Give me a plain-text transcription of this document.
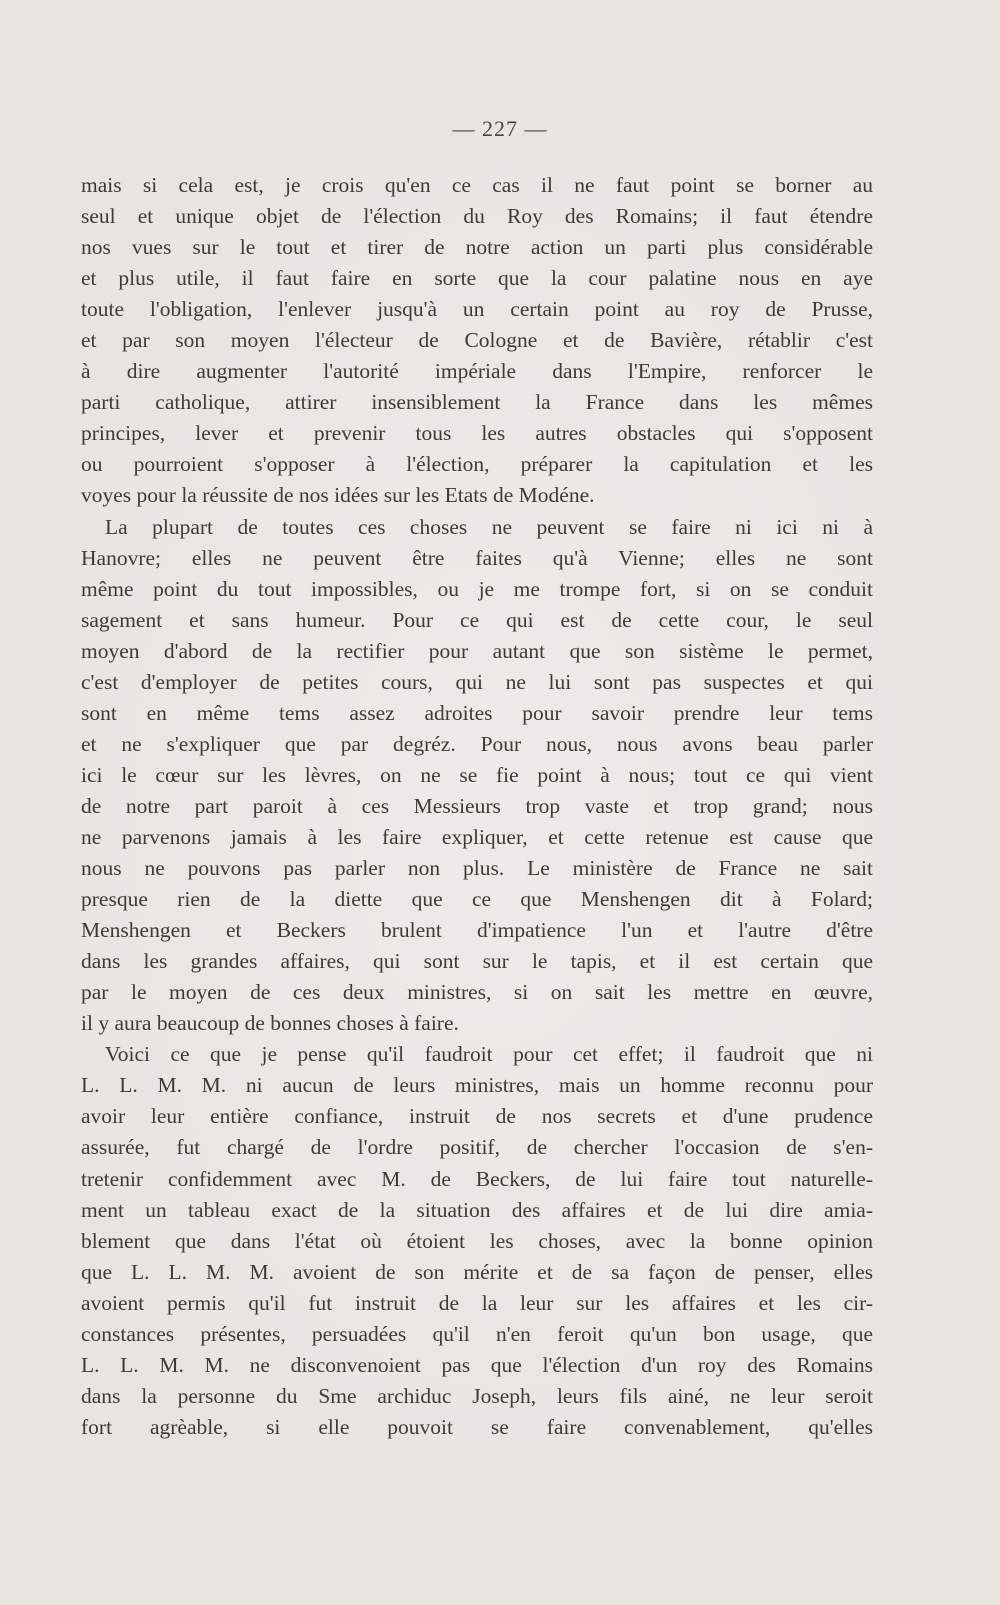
— 227 —
mais si cela est, je crois qu'en ce cas il ne faut point se borner au
seul et unique objet de l'élection du Roy des Romains; il faut étendre
nos vues sur le tout et tirer de notre action un parti plus considérable
et plus utile, il faut faire en sorte que la cour palatine nous en aye
toute l'obligation, l'enlever jusqu'à un certain point au roy de Prusse,
et par son moyen l'électeur de Cologne et de Bavière, rétablir c'est
à dire augmenter l'autorité impériale dans l'Empire, renforcer le
parti catholique, attirer insensiblement la France dans les mêmes
principes, lever et prevenir tous les autres obstacles qui s'opposent
ou pourroient s'opposer à l'élection, préparer la capitulation et les
voyes pour la réussite de nos idées sur les Etats de Modéne.
La plupart de toutes ces choses ne peuvent se faire ni ici ni à
Hanovre; elles ne peuvent être faites qu'à Vienne; elles ne sont
même point du tout impossibles, ou je me trompe fort, si on se conduit
sagement et sans humeur. Pour ce qui est de cette cour, le seul
moyen d'abord de la rectifier pour autant que son sistème le permet,
c'est d'employer de petites cours, qui ne lui sont pas suspectes et qui
sont en même tems assez adroites pour savoir prendre leur tems
et ne s'expliquer que par degréz. Pour nous, nous avons beau parler
ici le cœur sur les lèvres, on ne se fie point à nous; tout ce qui vient
de notre part paroit à ces Messieurs trop vaste et trop grand; nous
ne parvenons jamais à les faire expliquer, et cette retenue est cause que
nous ne pouvons pas parler non plus. Le ministère de France ne sait
presque rien de la diette que ce que Menshengen dit à Folard;
Menshengen et Beckers brulent d'impatience l'un et l'autre d'être
dans les grandes affaires, qui sont sur le tapis, et il est certain que
par le moyen de ces deux ministres, si on sait les mettre en œuvre,
il y aura beaucoup de bonnes choses à faire.
Voici ce que je pense qu'il faudroit pour cet effet; il faudroit que ni
L. L. M. M. ni aucun de leurs ministres, mais un homme reconnu pour
avoir leur entière confiance, instruit de nos secrets et d'une prudence
assurée, fut chargé de l'ordre positif, de chercher l'occasion de s'en-
tretenir confidemment avec M. de Beckers, de lui faire tout naturelle-
ment un tableau exact de la situation des affaires et de lui dire amia-
blement que dans l'état où étoient les choses, avec la bonne opinion
que L. L. M. M. avoient de son mérite et de sa façon de penser, elles
avoient permis qu'il fut instruit de la leur sur les affaires et les cir-
constances présentes, persuadées qu'il n'en feroit qu'un bon usage, que
L. L. M. M. ne disconvenoient pas que l'élection d'un roy des Romains
dans la personne du Sme archiduc Joseph, leurs fils ainé, ne leur seroit
fort agrèable, si elle pouvoit se faire convenablement, qu'elles
